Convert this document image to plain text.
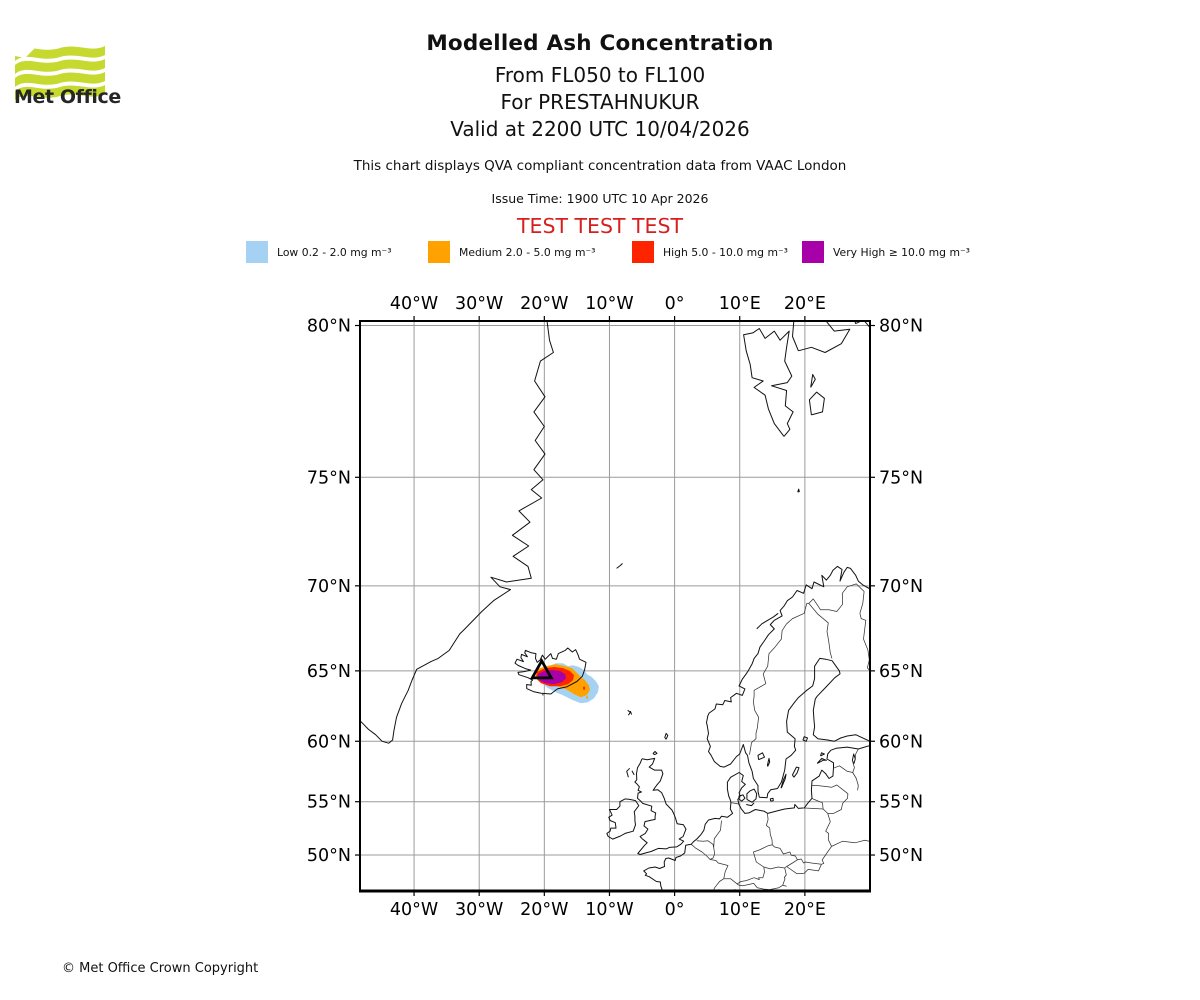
Met Office
Modelled Ash Concentration
From FL050 to FL100
For PRESTAHNUKUR
Valid at 2200 UTC 10/04/2026
This chart displays QVA compliant concentration data from VAAC London
Issue Time: 1900 UTC 10 Apr 2026
TEST TEST TEST
Low 0.2 - 2.0 mg m⁻³	Medium 2.0 - 5.0 mg m⁻³	High 5.0 - 10.0 mg m⁻³	Very High ≥ 10.0 mg m⁻³
40°W
40°W
30°W
30°W
20°W
20°W
10°W
10°W
0°
0°
10°E
10°E
20°E
20°E
80°N	80°N
75°N	75°N
70°N	70°N
65°N	65°N
60°N	60°N
55°N	55°N
50°N	50°N
© Met Office Crown Copyright
